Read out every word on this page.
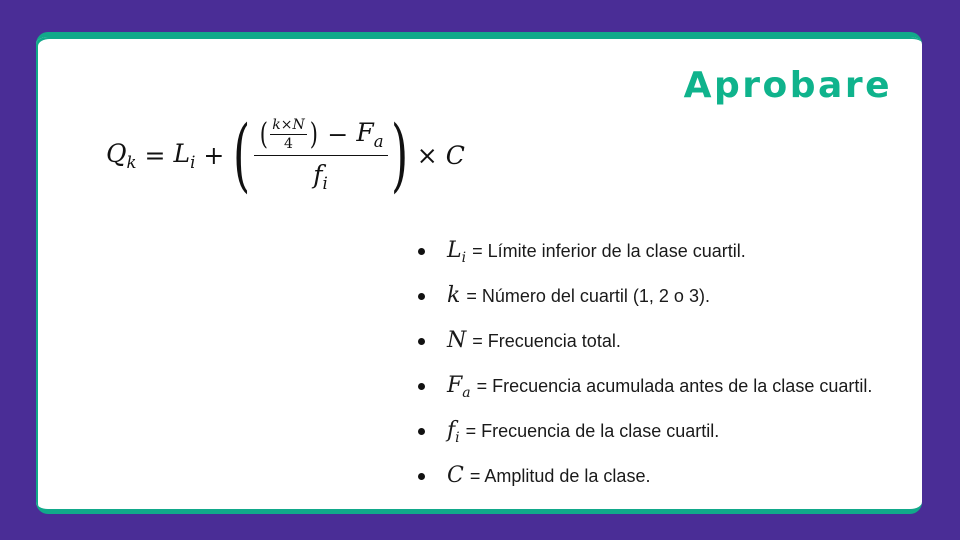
Aprobare
$Q_k = L_i$ + ( ( $\frac{k\times N}{4}$ ) − $F_a$
$f_i$ ) × C
$L_i$ = Límite inferior de la clase cuartil.
k = Número del cuartil (1, 2 o 3).
N = Frecuencia total.
$F_a$ = Frecuencia acumulada antes de la clase cuartil.
$f_i$ = Frecuencia de la clase cuartil.
C = Amplitud de la clase.
